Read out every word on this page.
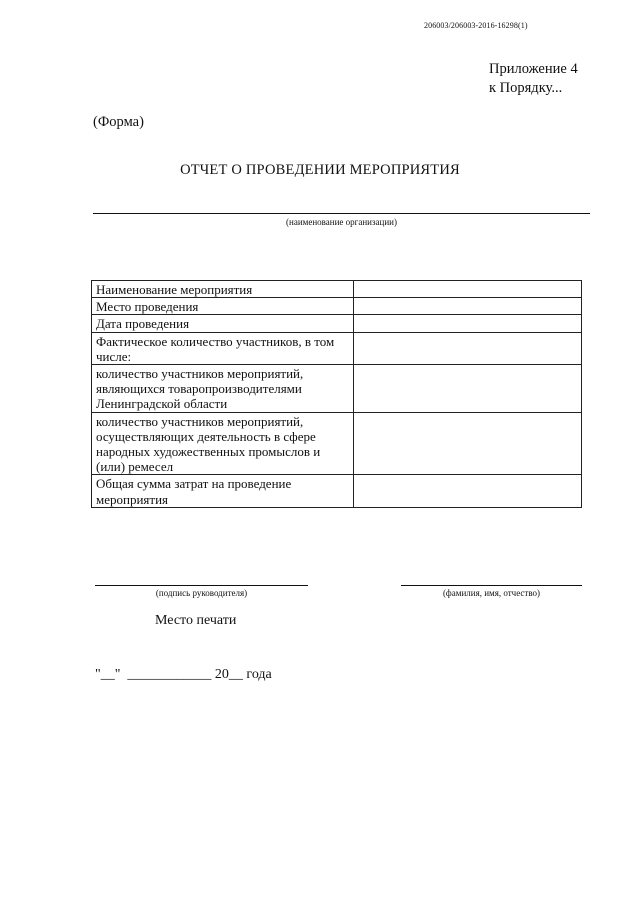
206003/206003-2016-16298(1)
Приложение 4
к Порядку...
(Форма)
ОТЧЕТ О ПРОВЕДЕНИИ МЕРОПРИЯТИЯ
(наименование организации)
Наименование мероприятия	
Место проведения	
Дата проведения	
Фактическое количество участников, в том числе:	
количество участников мероприятий, являющихся товаропроизводителями Ленинградской области	
количество участников мероприятий, осуществляющих деятельность в сфере народных художественных промыслов и (или) ремесел	
Общая сумма затрат на проведение мероприятия	
(подпись руководителя)	(фамилия, имя, отчество)
Место печати
"__"  ____________ 20__ года
